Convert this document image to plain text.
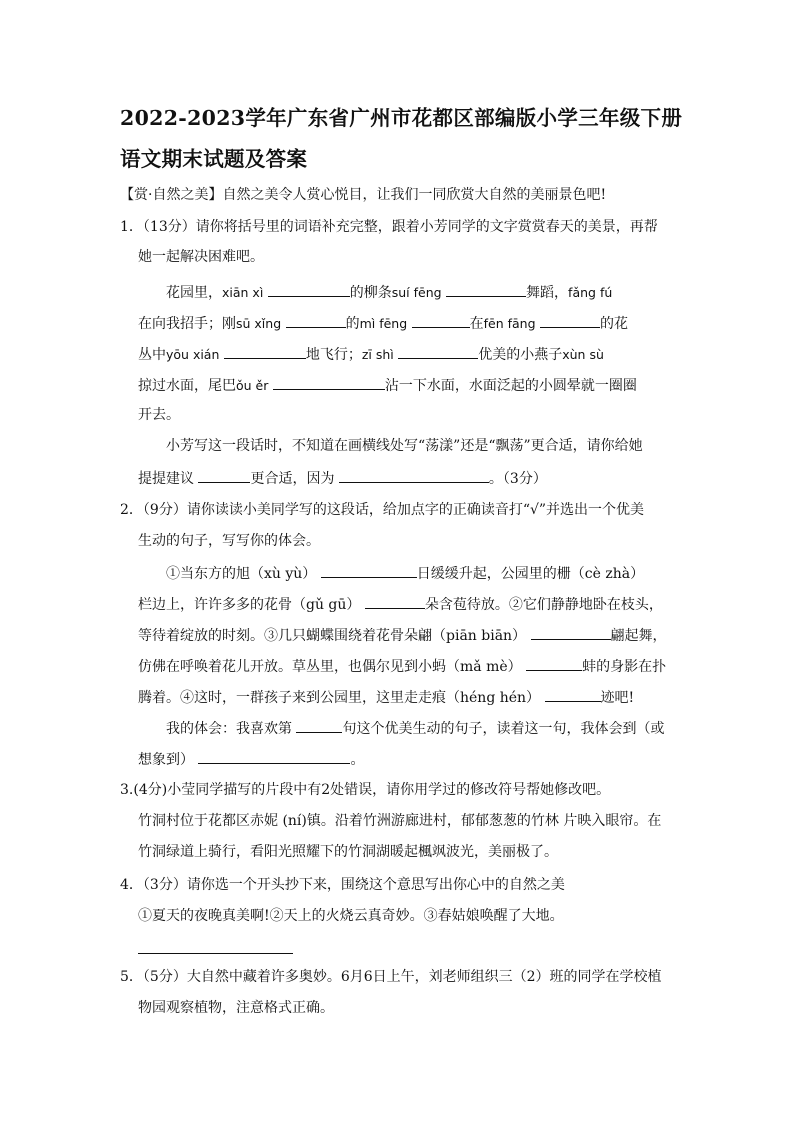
2022-2023学年广东省广州市花都区部编版小学三年级下册
语文期末试题及答案
【赏·自然之美】自然之美令人赏心悦目，让我们一同欣赏大自然的美丽景色吧!
1．（13分）请你将括号里的词语补充完整，跟着小芳同学的文字赏赏春天的美景，再帮
她一起解决困难吧。
花园里，xiān xì	的柳条suí fēng	舞蹈，fǎng fú
在向我招手；刚sū xǐng	的mì fēng	在fēn fāng	的花
丛中yōu xián	地飞行；zī shì	优美的小燕子xùn sù
掠过水面，尾巴ǒu ěr	沾一下水面，水面泛起的小圆晕就一圈圈
开去。
小芳写这一段话时，不知道在画横线处写“荡漾”还是“飘荡”更合适，请你给她
提提建议	更合适，因为	。（3分）
2．（9分）请你读读小美同学写的这段话，给加点字的正确读音打“√”并选出一个优美
生动的句子，写写你的体会。
①当东方的旭（xù yù）	日缓缓升起，公园里的栅（cè zhà）
栏边上，许许多多的花骨（gǔ gū）	朵含苞待放。②它们静静地卧在枝头，
等待着绽放的时刻。③几只蝴蝶围绕着花骨朵翩（piān biān）	翩起舞，
仿佛在呼唤着花儿开放。草丛里，也偶尔见到小蚂（mǎ mè）	蚌的身影在扑
腾着。④这时，一群孩子来到公园里，这里走走痕（héng hén）	迹吧!
我的体会：我喜欢第	句这个优美生动的句子，读着这一句，我体会到（或
想象到）	。
3.(4分)小莹同学描写的片段中有2处错误，请你用学过的修改符号帮她修改吧。
竹洞村位于花都区赤妮 (ní)镇。沿着竹洲游廊进村，郁郁葱葱的竹林 片映入眼帘。在
竹洞绿道上骑行，看阳光照耀下的竹洞湖暖起楓飒波光，美丽极了。
4．（3分）请你选一个开头抄下来，围绕这个意思写出你心中的自然之美
①夏天的夜晚真美啊!②天上的火烧云真奇妙。③春姑娘唤醒了大地。
5．（5分）大自然中藏着许多奥妙。6月6日上午，刘老师组织三（2）班的同学在学校植
物园观察植物，注意格式正确。
